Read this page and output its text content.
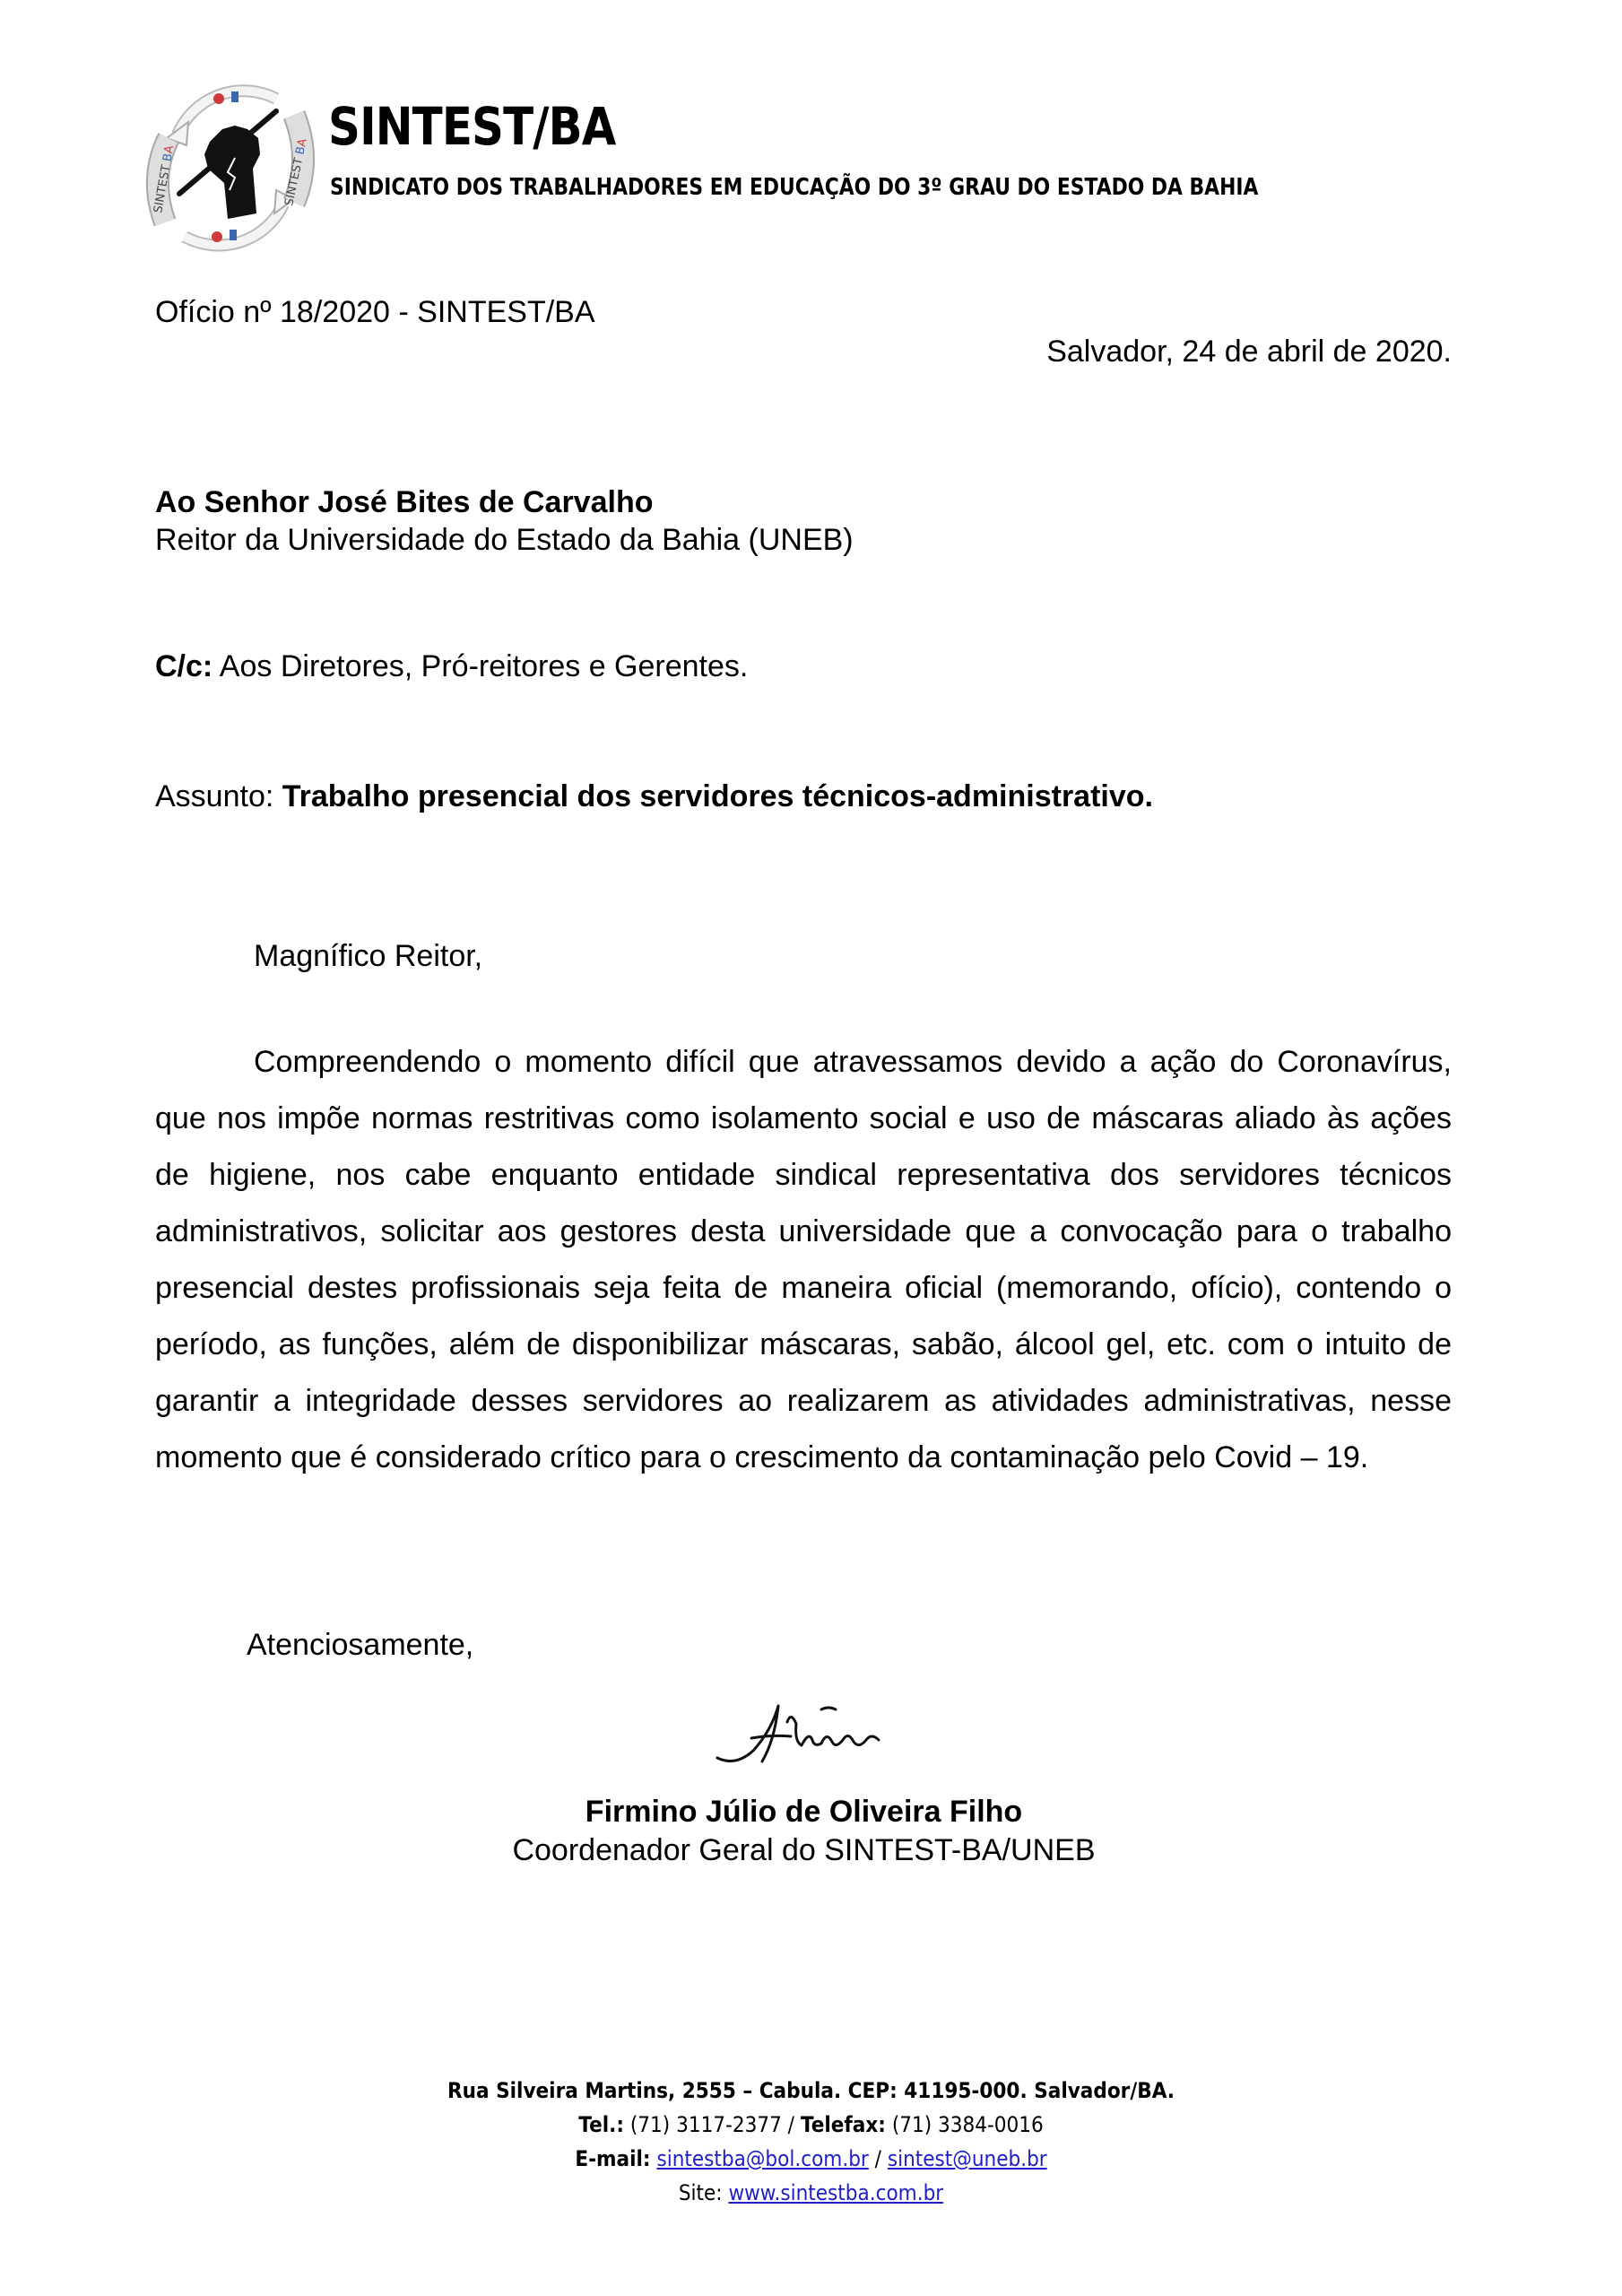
SINTEST BA
SINTEST BA SINTEST/BA
SINDICATO DOS TRABALHADORES EM EDUCAÇÃO DO 3º GRAU DO ESTADO DA BAHIA
Ofício nº 18/2020 - SINTEST/BA
Salvador, 24 de abril de 2020.
Ao Senhor José Bites de Carvalho
Reitor da Universidade do Estado da Bahia (UNEB)
C/c: Aos Diretores, Pró-reitores e Gerentes.
Assunto: Trabalho presencial dos servidores técnicos-administrativo.
Magnífico Reitor,
Compreendendo o momento difícil que atravessamos devido a ação do Coronavírus, que nos impõe normas restritivas como isolamento social e uso de máscaras aliado às ações de higiene, nos cabe enquanto entidade sindical representativa dos servidores técnicos administrativos, solicitar aos gestores desta universidade que a convocação para o trabalho presencial destes profissionais seja feita de maneira oficial (memorando, ofício), contendo o período, as funções, além de disponibilizar máscaras, sabão, álcool gel, etc. com o intuito de garantir a integridade desses servidores ao realizarem as atividades administrativas, nesse momento que é considerado crítico para o crescimento da contaminação pelo Covid – 19.
Atenciosamente,
Firmino Júlio de Oliveira Filho
Coordenador Geral do SINTEST-BA/UNEB
Rua Silveira Martins, 2555 – Cabula. CEP: 41195-000. Salvador/BA.
Tel.: (71) 3117-2377 / Telefax: (71) 3384-0016
E-mail: sintestba@bol.com.br / sintest@uneb.br
Site: www.sintestba.com.br
